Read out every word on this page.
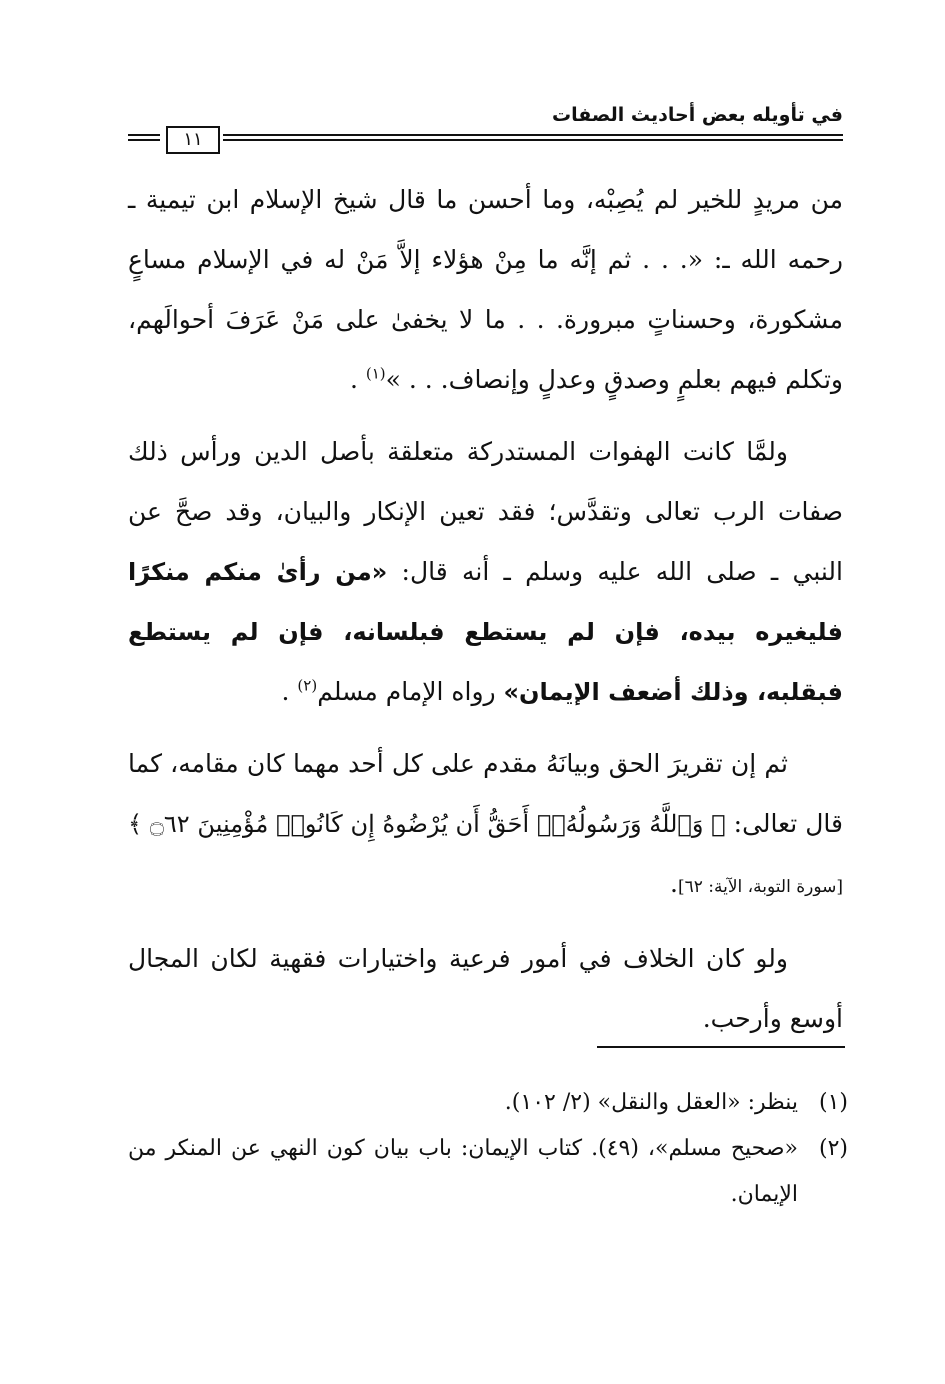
في تأويله بعض أحاديث الصفات
١١

من مريدٍ للخير لم يُصِبْه، وما أحسن ما قال شيخ الإسلام ابن تيمية ـ رحمه الله ـ: «. . . ثم إنَّه ما مِنْ هؤلاء إلاَّ مَنْ له في الإسلام مساعٍ مشكورة، وحسناتٍ مبرورة. . . ما لا يخفىٰ على مَنْ عَرَفَ أحوالَهم، وتكلم فيهم بعلمٍ وصدقٍ وعدلٍ وإنصاف. . . »$^{(١)}$ .

ولمَّا كانت الهفوات المستدركة متعلقة بأصل الدين ورأس ذلك صفات الرب تعالى وتقدَّس؛ فقد تعين الإنكار والبيان، وقد صحَّ عن النبي ـ صلى الله عليه وسلم ـ أنه قال: «من رأىٰ منكم منكرًا فليغيره بيده، فإن لم يستطع فبلسانه، فإن لم يستطع فبقلبه، وذلك أضعف الإيمان» رواه الإمام مسلم$^{(٢)}$ .

ثم إن تقريرَ الحق وبيانَهُ مقدم على كل أحد مهما كان مقامه، كما قال تعالى: ﴿ وَٱللَّهُ وَرَسُولُهُۥٓ أَحَقُّ أَن يُرْضُوهُ إِن كَانُوا۟ مُؤْمِنِينَ ۝٦٢ ﴾ [سورة التوبة، الآية: ٦٢].

ولو كان الخلاف في أمور فرعية واختيارات فقهية لكان المجال أوسع وأرحب.

(١)
ينظر: «العقل والنقل» (٢/ ١٠٢).
(٢)
«صحيح مسلم»، (٤٩). كتاب الإيمان: باب بيان كون النهي عن المنكر من الإيمان.
